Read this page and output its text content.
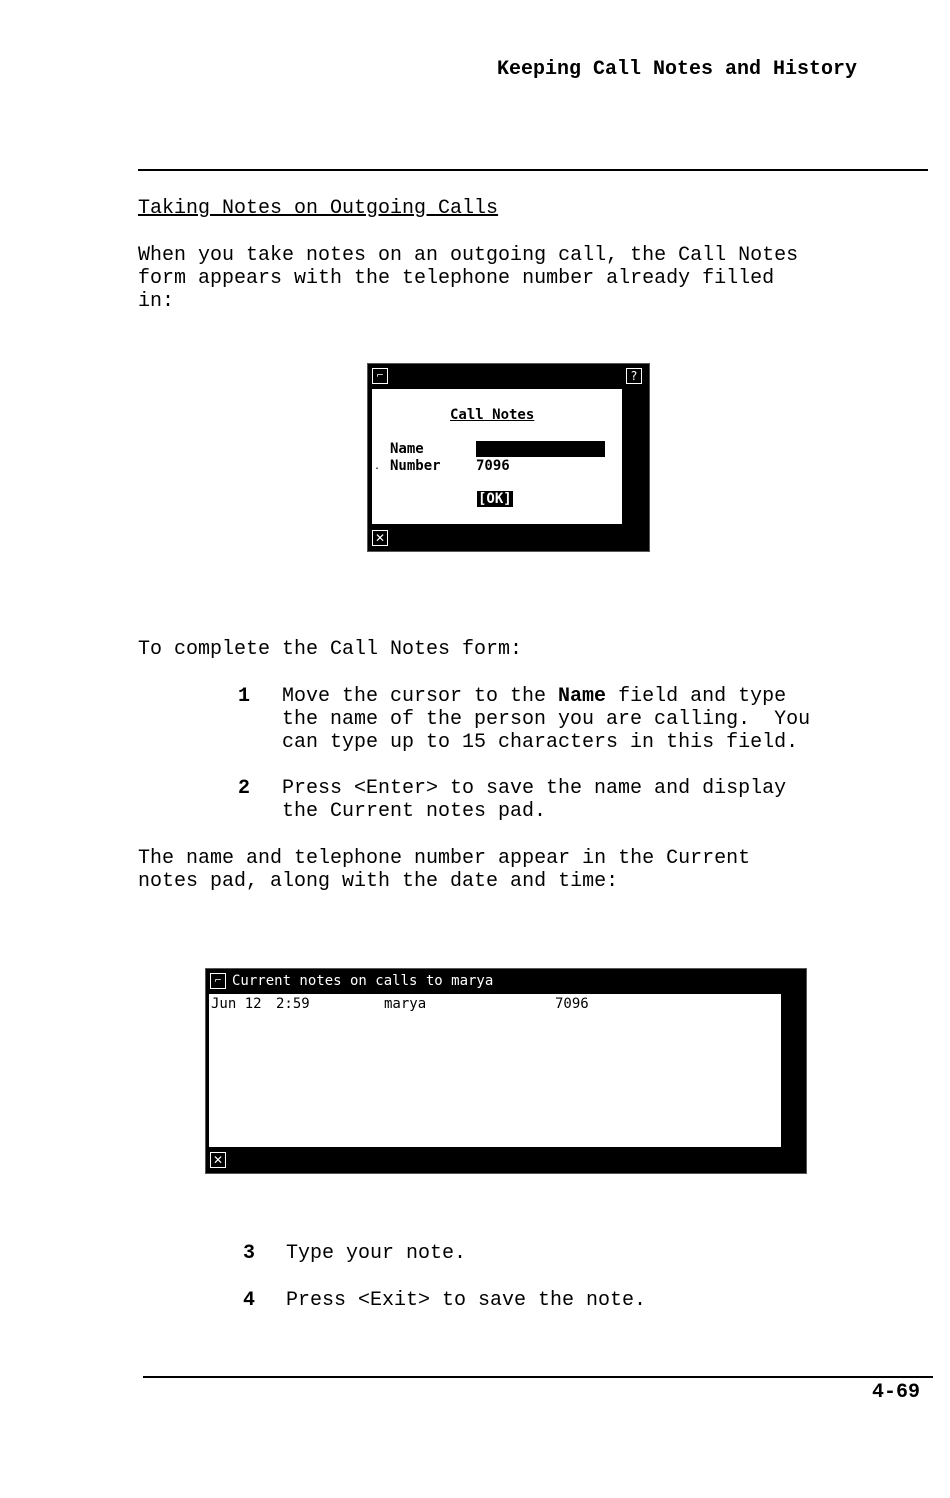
Keeping Call Notes and History
Taking Notes on Outgoing Calls
When you take notes on an outgoing call, the Call Notes
form appears with the telephone number already filled
in:
⌐	?
Call Notes
Name
. Number	7096
[OK]
✕
To complete the Call Notes form:
1 Move the cursor to the Name field and type
the name of the person you are calling.  You
can type up to 15 characters in this field.
2 Press <Enter> to save the name and display
the Current notes pad.
The name and telephone number appear in the Current
notes pad, along with the date and time:
⌐ Current notes on calls to marya
Jun 12 2:59	marya	7096
✕
3 Type your note.
4 Press <Exit> to save the note.
4-69
